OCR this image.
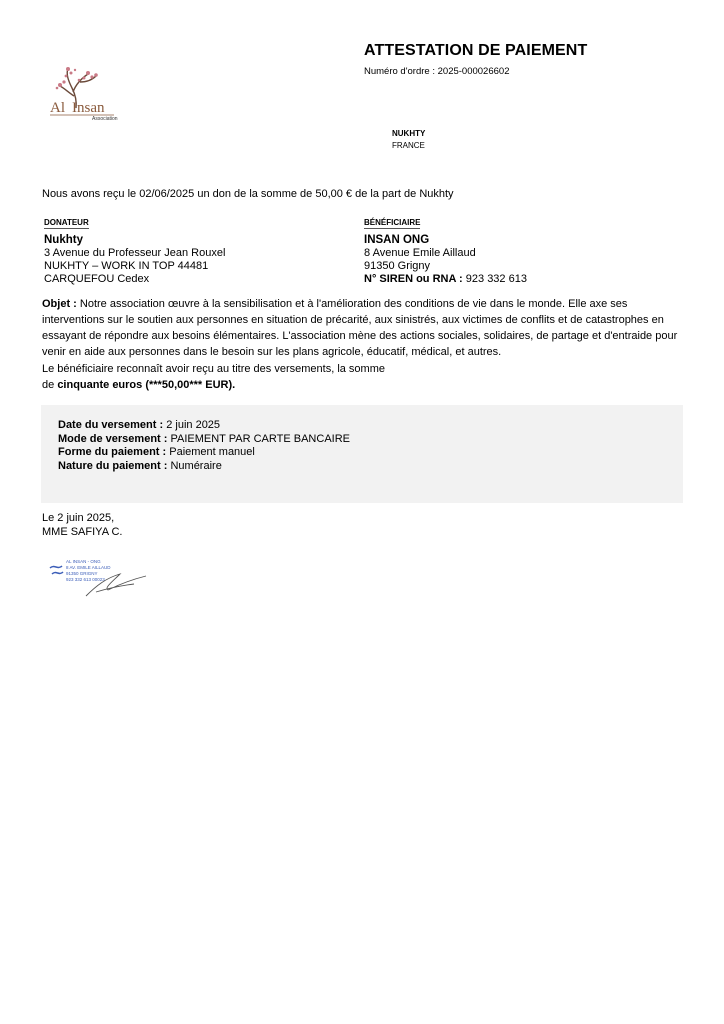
ATTESTATION DE PAIEMENT
Numéro d'ordre : 2025-000026602
Al Insan
Association
NUKHTY
FRANCE
Nous avons reçu le 02/06/2025 un don de la somme de 50,00 € de la part de Nukhty
DONATEUR
Nukhty
3 Avenue du Professeur Jean Rouxel
NUKHTY – WORK IN TOP 44481
CARQUEFOU Cedex
BÉNÉFICIAIRE
INSAN ONG
8 Avenue Emile Aillaud
91350 Grigny
N° SIREN ou RNA : 923 332 613
Objet : Notre association œuvre à la sensibilisation et à l'amélioration des conditions de vie dans le monde. Elle axe ses interventions sur le soutien aux personnes en situation de précarité, aux sinistrés, aux victimes de conflits et de catastrophes en essayant de répondre aux besoins élémentaires. L'association mène des actions sociales, solidaires, de partage et d'entraide pour venir en aide aux personnes dans le besoin sur les plans agricole, éducatif, médical, et autres.
Le bénéficiaire reconnaît avoir reçu au titre des versements, la somme
de cinquante euros (***50,00*** EUR).
Date du versement : 2 juin 2025
Mode de versement : PAIEMENT PAR CARTE BANCAIRE
Forme du paiement : Paiement manuel
Nature du paiement : Numéraire
Le 2 juin 2025,
MME SAFIYA C.
AL INSAN - ONG
8 AV. EMILE AILLAUD
91350 GRIGNY
923 332 613 00023
